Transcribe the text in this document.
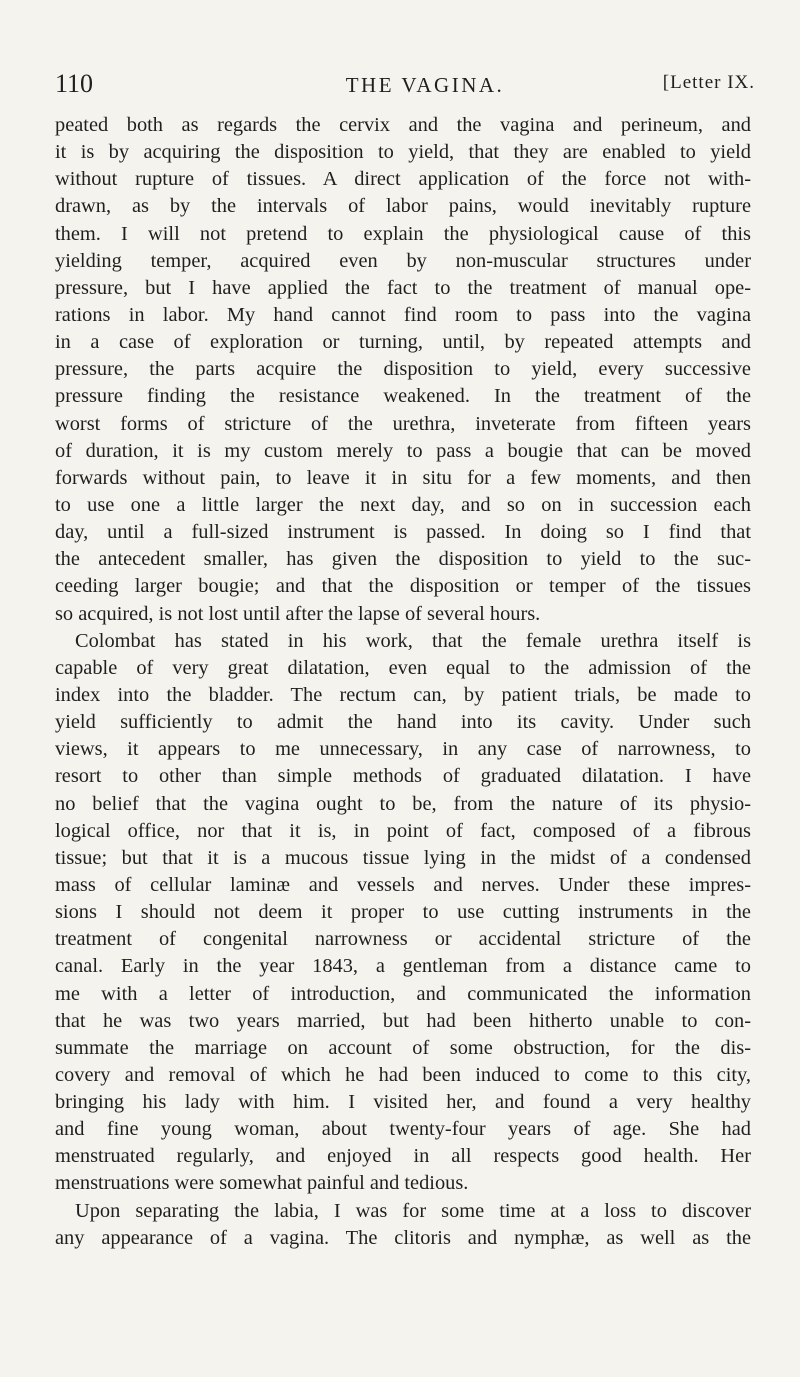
110	THE VAGINA.	[Letter IX.
peated both as regards the cervix and the vagina and perineum, and
it is by acquiring the disposition to yield, that they are enabled to yield
without rupture of tissues. A direct application of the force not with-
drawn, as by the intervals of labor pains, would inevitably rupture
them. I will not pretend to explain the physiological cause of this
yielding temper, acquired even by non-muscular structures under
pressure, but I have applied the fact to the treatment of manual ope-
rations in labor. My hand cannot find room to pass into the vagina
in a case of exploration or turning, until, by repeated attempts and
pressure, the parts acquire the disposition to yield, every successive
pressure finding the resistance weakened. In the treatment of the
worst forms of stricture of the urethra, inveterate from fifteen years
of duration, it is my custom merely to pass a bougie that can be moved
forwards without pain, to leave it in situ for a few moments, and then
to use one a little larger the next day, and so on in succession each
day, until a full-sized instrument is passed. In doing so I find that
the antecedent smaller, has given the disposition to yield to the suc-
ceeding larger bougie; and that the disposition or temper of the tissues
so acquired, is not lost until after the lapse of several hours.
Colombat has stated in his work, that the female urethra itself is
capable of very great dilatation, even equal to the admission of the
index into the bladder. The rectum can, by patient trials, be made to
yield sufficiently to admit the hand into its cavity. Under such
views, it appears to me unnecessary, in any case of narrowness, to
resort to other than simple methods of graduated dilatation. I have
no belief that the vagina ought to be, from the nature of its physio-
logical office, nor that it is, in point of fact, composed of a fibrous
tissue; but that it is a mucous tissue lying in the midst of a condensed
mass of cellular laminæ and vessels and nerves. Under these impres-
sions I should not deem it proper to use cutting instruments in the
treatment of congenital narrowness or accidental stricture of the
canal. Early in the year 1843, a gentleman from a distance came to
me with a letter of introduction, and communicated the information
that he was two years married, but had been hitherto unable to con-
summate the marriage on account of some obstruction, for the dis-
covery and removal of which he had been induced to come to this city,
bringing his lady with him. I visited her, and found a very healthy
and fine young woman, about twenty-four years of age. She had
menstruated regularly, and enjoyed in all respects good health. Her
menstruations were somewhat painful and tedious.
Upon separating the labia, I was for some time at a loss to discover
any appearance of a vagina. The clitoris and nymphæ, as well as the
